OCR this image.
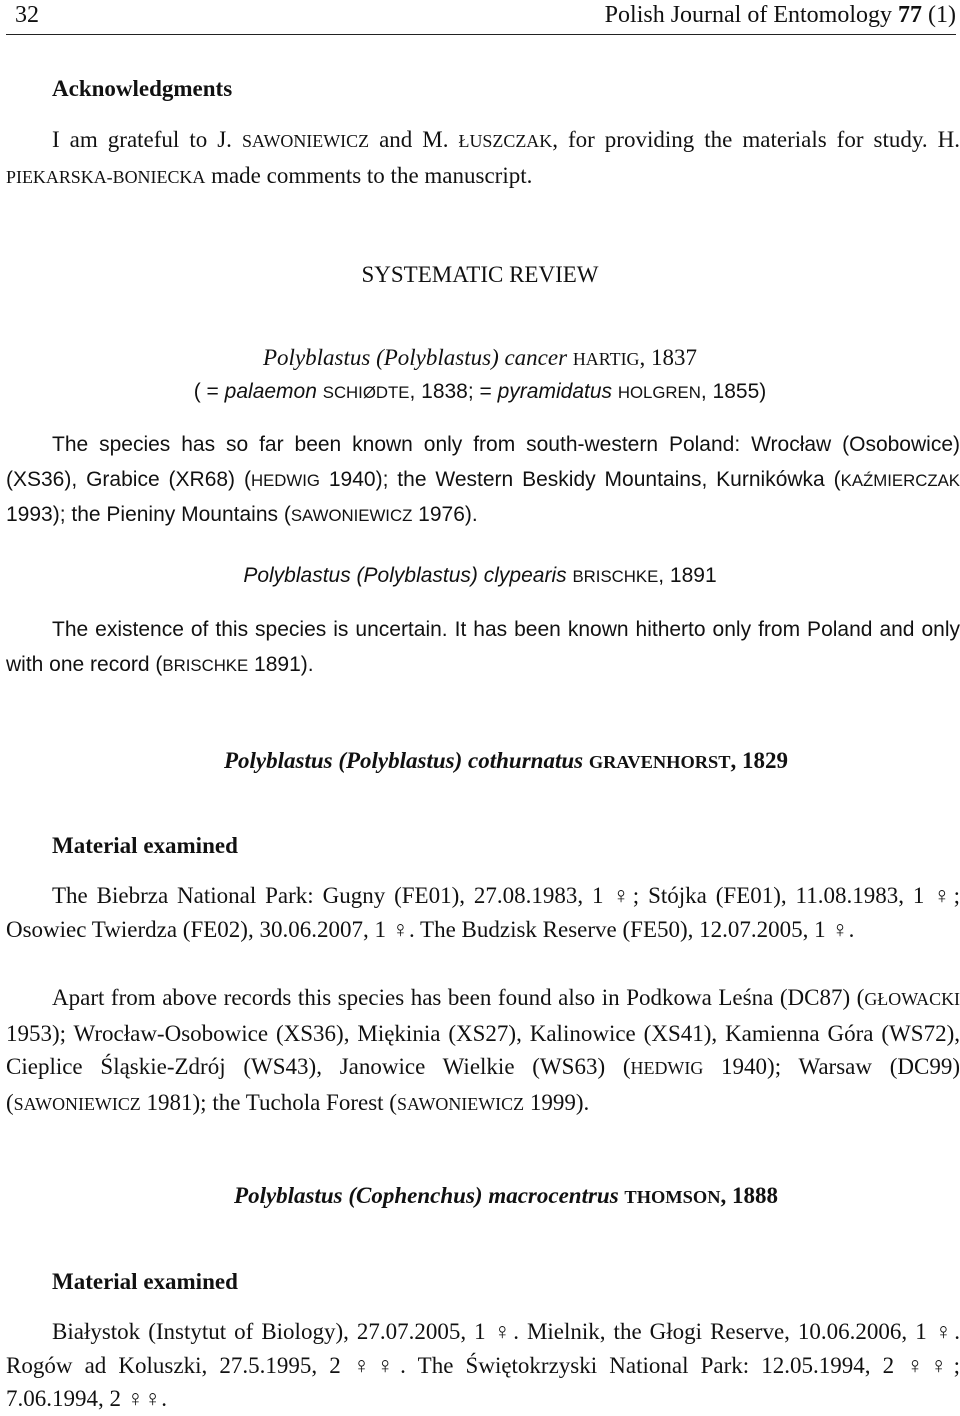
32	Polish Journal of Entomology 77 (1)
Acknowledgments
I am grateful to J. SAWONIEWICZ and M. ŁUSZCZAK, for providing the materials for study. H. PIEKARSKA-BONIECKA made comments to the manuscript.
SYSTEMATIC REVIEW
Polyblastus (Polyblastus) cancer HARTIG, 1837
( = palaemon SCHIØDTE, 1838; = pyramidatus HOLGREN, 1855)
The species has so far been known only from south-western Poland: Wrocław (Osobowice) (XS36), Grabice (XR68) (HEDWIG 1940); the Western Beskidy Mountains, Kurnikówka (KAŹMIERCZAK 1993); the Pieniny Mountains (SAWONIEWICZ 1976).
Polyblastus (Polyblastus) clypearis BRISCHKE, 1891
The existence of this species is uncertain. It has been known hitherto only from Poland and only with one record (BRISCHKE 1891).
Polyblastus (Polyblastus) cothurnatus GRAVENHORST, 1829
Material examined
The Biebrza National Park: Gugny (FE01), 27.08.1983, 1 ♀; Stójka (FE01), 11.08.1983, 1 ♀; Osowiec Twierdza (FE02), 30.06.2007, 1 ♀. The Budzisk Reserve (FE50), 12.07.2005, 1 ♀.
Apart from above records this species has been found also in Podkowa Leśna (DC87) (GŁOWACKI 1953); Wrocław-Osobowice (XS36), Miękinia (XS27), Kalinowice (XS41), Kamienna Góra (WS72), Cieplice Śląskie-Zdrój (WS43), Janowice Wielkie (WS63) (HEDWIG 1940); Warsaw (DC99) (SAWONIEWICZ 1981); the Tuchola Forest (SAWONIEWICZ 1999).
Polyblastus (Cophenchus) macrocentrus THOMSON, 1888
Material examined
Białystok (Instytut of Biology), 27.07.2005, 1 ♀. Mielnik, the Głogi Reserve, 10.06.2006, 1 ♀. Rogów ad Koluszki, 27.5.1995, 2 ♀♀. The Świętokrzyski National Park: 12.05.1994, 2 ♀♀; 7.06.1994, 2 ♀♀.
